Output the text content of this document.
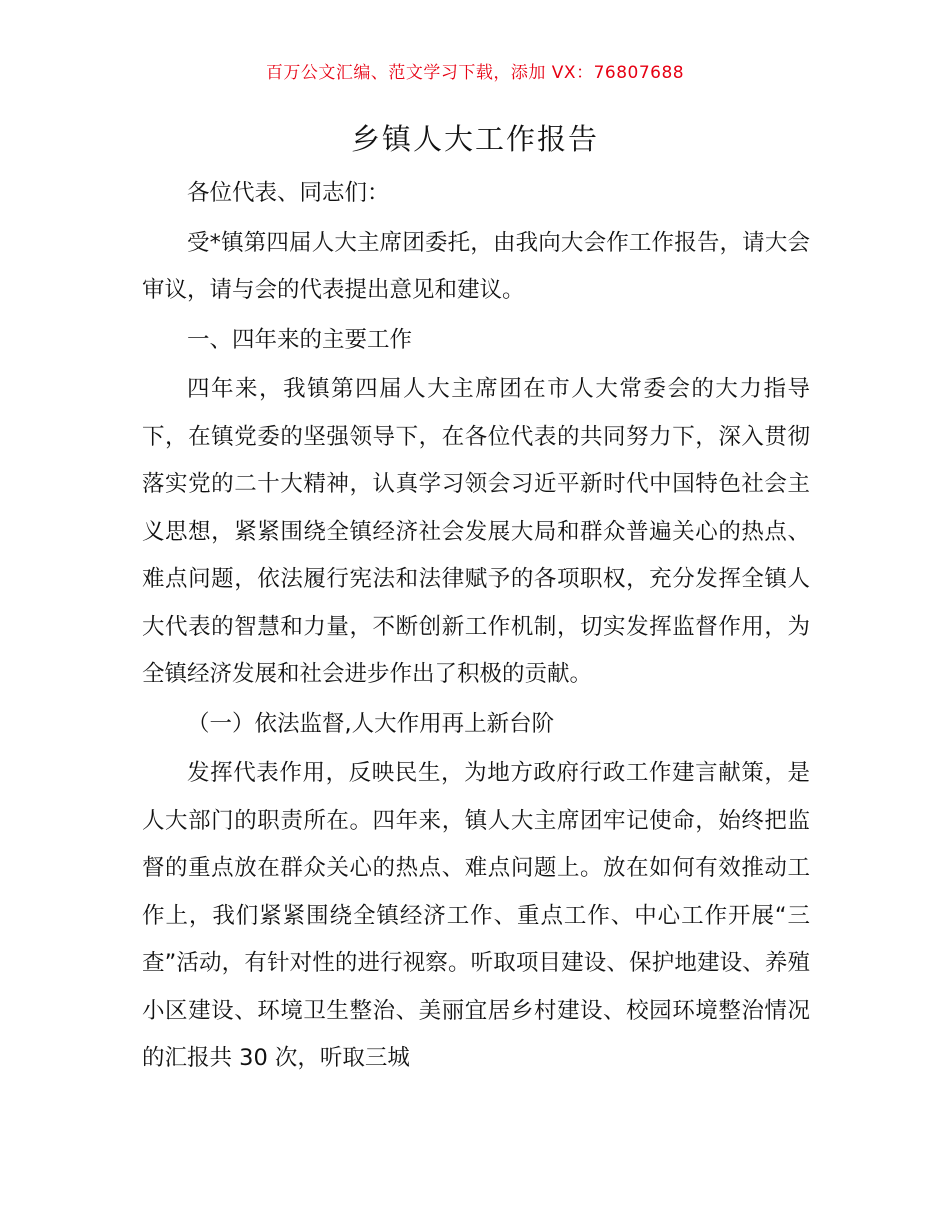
百万公文汇编、范文学习下载，添加 VX：76807688
乡镇人大工作报告

各位代表、同志们：

受*镇第四届人大主席团委托，由我向大会作工作报告，请大会审议，请与会的代表提出意见和建议。

一、四年来的主要工作

四年来，我镇第四届人大主席团在市人大常委会的大力指导下，在镇党委的坚强领导下，在各位代表的共同努力下，深入贯彻落实党的二十大精神，认真学习领会习近平新时代中国特色社会主义思想，紧紧围绕全镇经济社会发展大局和群众普遍关心的热点、难点问题，依法履行宪法和法律赋予的各项职权，充分发挥全镇人大代表的智慧和力量，不断创新工作机制，切实发挥监督作用，为全镇经济发展和社会进步作出了积极的贡献。

（一）依法监督,人大作用再上新台阶

发挥代表作用，反映民生，为地方政府行政工作建言献策，是人大部门的职责所在。四年来，镇人大主席团牢记使命，始终把监督的重点放在群众关心的热点、难点问题上。放在如何有效推动工作上，我们紧紧围绕全镇经济工作、重点工作、中心工作开展“三查”活动，有针对性的进行视察。听取项目建设、保护地建设、养殖小区建设、环境卫生整治、美丽宜居乡村建设、校园环境整治情况的汇报共 30 次，听取三城
